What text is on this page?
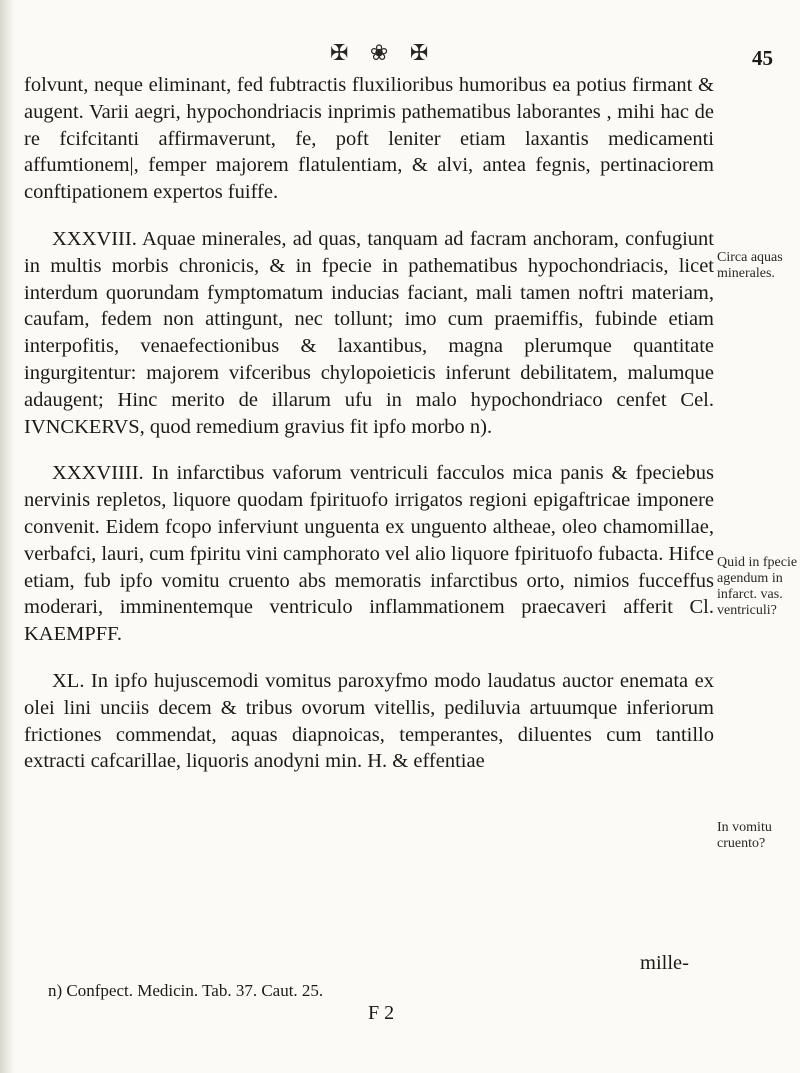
✠ ❀ ✠	45

folvunt, neque eliminant, fed fubtractis fluxilioribus humoribus ea potius firmant & augent. Varii aegri, hypochondriacis inprimis pathematibus laborantes , mihi hac de re fcifcitanti affirmaverunt, fe, poft leniter etiam laxantis medicamenti affumtionem|, femper majorem flatulentiam, & alvi, antea fegnis, pertinaciorem conftipationem expertos fuiffe.

XXXVIII. Aquae minerales, ad quas, tanquam ad facram anchoram, confugiunt in multis morbis chronicis, & in fpecie in pathematibus hypochondriacis, licet interdum quorundam fymptomatum inducias faciant, mali tamen noftri materiam, caufam, fedem non attingunt, nec tollunt; imo cum praemiffis, fubinde etiam interpofitis, venaefectionibus & laxantibus, magna plerumque quantitate ingurgitentur: majorem vifceribus chylopoieticis inferunt debilitatem, malumque adaugent; Hinc merito de illarum ufu in malo hypochondriaco cenfet Cel. IVNCKERVS, quod remedium gravius fit ipfo morbo n).

XXXVIIII. In infarctibus vaforum ventriculi facculos mica panis & fpeciebus nervinis repletos, liquore quodam fpirituofo irrigatos regioni epigaftricae imponere convenit. Eidem fcopo inferviunt unguenta ex unguento altheae, oleo chamomillae, verbafci, lauri, cum fpiritu vini camphorato vel alio liquore fpirituofo fubacta. Hifce etiam, fub ipfo vomitu cruento abs memoratis infarctibus orto, nimios fucceffus moderari, imminentemque ventriculo inflammationem praecaveri afferit Cl. KAEMPFF.

XL. In ipfo hujuscemodi vomitus paroxyfmo modo laudatus auctor enemata ex olei lini unciis decem & tribus ovorum vitellis, pediluvia artuumque inferiorum frictiones commendat, aquas diapnoicas, temperantes, diluentes cum tantillo extracti cafcarillae, liquoris anodyni min. H. & effentiae

Circa aquas minerales.
Quid in fpecie agendum in infarct. vas. ventriculi?
In vomitu cruento?
mille-
n) Confpect. Medicin. Tab. 37. Caut. 25.
F 2
